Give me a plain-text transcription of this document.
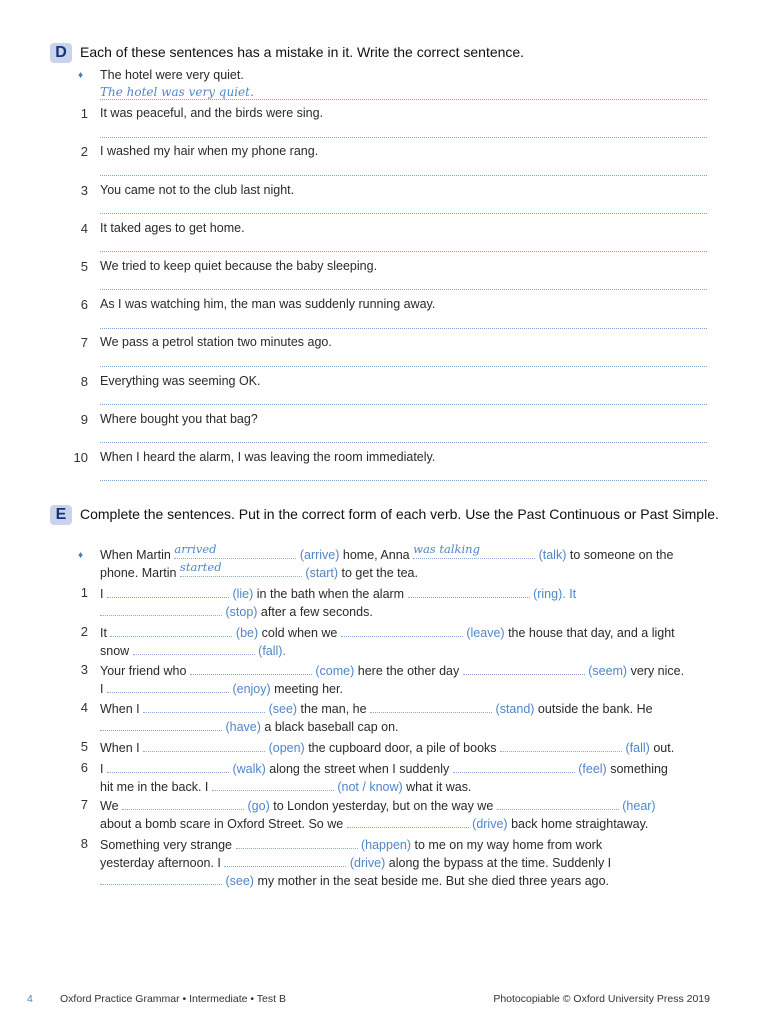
D Each of these sentences has a mistake in it. Write the correct sentence.
♦ The hotel were very quiet.
The hotel was very quiet.
1 It was peaceful, and the birds were sing.
2 I washed my hair when my phone rang.
3 You came not to the club last night.
4 It taked ages to get home.
5 We tried to keep quiet because the baby sleeping.
6 As I was watching him, the man was suddenly running away.
7 We pass a petrol station two minutes ago.
8 Everything was seeming OK.
9 Where bought you that bag?
10 When I heard the alarm, I was leaving the room immediately.
E Complete the sentences. Put in the correct form of each verb. Use the Past Continuous or Past Simple.
♦ When Martin arrived	(arrive) home, Anna was talking	(talk) to someone on the
phone. Martin started	(start) to get the tea.
1 I	(lie) in the bath when the alarm	(ring). It
(stop) after a few seconds.
2 It	(be) cold when we	(leave) the house that day, and a light
snow	(fall).
3 Your friend who	(come) here the other day	(seem) very nice.
I	(enjoy) meeting her.
4 When I	(see) the man, he	(stand) outside the bank. He
(have) a black baseball cap on.
5 When I	(open) the cupboard door, a pile of books	(fall) out.
6 I	(walk) along the street when I suddenly	(feel) something
hit me in the back. I	(not / know) what it was.
7 We	(go) to London yesterday, but on the way we	(hear)
about a bomb scare in Oxford Street. So we	(drive) back home straightaway.
8 Something very strange	(happen) to me on my way home from work
yesterday afternoon. I	(drive) along the bypass at the time. Suddenly I
(see) my mother in the seat beside me. But she died three years ago.
4	Oxford Practice Grammar • Intermediate • Test B	Photocopiable © Oxford University Press 2019
